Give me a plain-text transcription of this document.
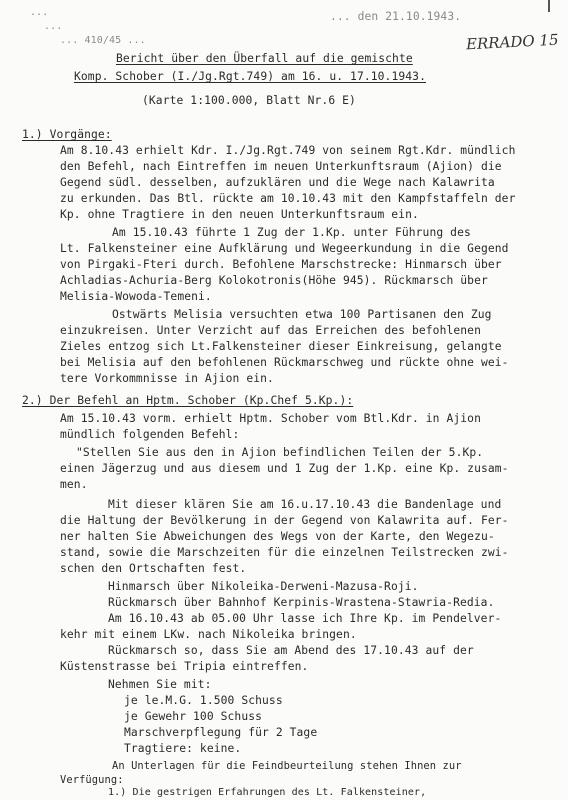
...
...
... 410/45 ...
... den 21.10.1943.
ERRADO 15
Bericht über den Überfall auf die gemischte
Komp. Schober (I./Jg.Rgt.749) am 16. u. 17.10.1943.
(Karte 1:100.000, Blatt Nr.6 E)
1.) Vorgänge:
Am 8.10.43 erhielt Kdr. I./Jg.Rgt.749 von seinem Rgt.Kdr. mündlich
den Befehl, nach Eintreffen im neuen Unterkunftsraum (Ajion) die
Gegend südl. desselben, aufzuklären und die Wege nach Kalawrita
zu erkunden. Das Btl. rückte am 10.10.43 mit den Kampfstaffeln der
Kp. ohne Tragtiere in den neuen Unterkunftsraum ein.
Am 15.10.43 führte 1 Zug der 1.Kp. unter Führung des
Lt. Falkensteiner eine Aufklärung und Wegeerkundung in die Gegend
von Pirgaki-Fteri durch. Befohlene Marschstrecke: Hinmarsch über
Achladias-Achuria-Berg Kolokotronis(Höhe 945). Rückmarsch über
Melisia-Wowoda-Temeni.
Ostwärts Melisia versuchten etwa 100 Partisanen den Zug
einzukreisen. Unter Verzicht auf das Erreichen des befohlenen
Zieles entzog sich Lt.Falkensteiner dieser Einkreisung, gelangte
bei Melisia auf den befohlenen Rückmarschweg und rückte ohne wei-
tere Vorkommnisse in Ajion ein.
2.) Der Befehl an Hptm. Schober (Kp.Chef 5.Kp.):
Am 15.10.43 vorm. erhielt Hptm. Schober vom Btl.Kdr. in Ajion
mündlich folgenden Befehl:
"Stellen Sie aus den in Ajion befindlichen Teilen der 5.Kp.
einen Jägerzug und aus diesem und 1 Zug der 1.Kp. eine Kp. zusam-
men.
Mit dieser klären Sie am 16.u.17.10.43 die Bandenlage und
die Haltung der Bevölkerung in der Gegend von Kalawrita auf. Fer-
ner halten Sie Abweichungen des Wegs von der Karte, den Wegezu-
stand, sowie die Marschzeiten für die einzelnen Teilstrecken zwi-
schen den Ortschaften fest.
Hinmarsch über Nikoleika-Derweni-Mazusa-Roji.
Rückmarsch über Bahnhof Kerpinis-Wrastena-Stawria-Redia.
Am 16.10.43 ab 05.00 Uhr lasse ich Ihre Kp. im Pendelver-
kehr mit einem LKw. nach Nikoleika bringen.
Rückmarsch so, dass Sie am Abend des 17.10.43 auf der
Küstenstrasse bei Tripia eintreffen.
Nehmen Sie mit:
je le.M.G. 1.500 Schuss
je Gewehr 100 Schuss
Marschverpflegung für 2 Tage
Tragtiere: keine.
An Unterlagen für die Feindbeurteilung stehen Ihnen zur
Verfügung:
1.) Die gestrigen Erfahrungen des Lt. Falkensteiner,
